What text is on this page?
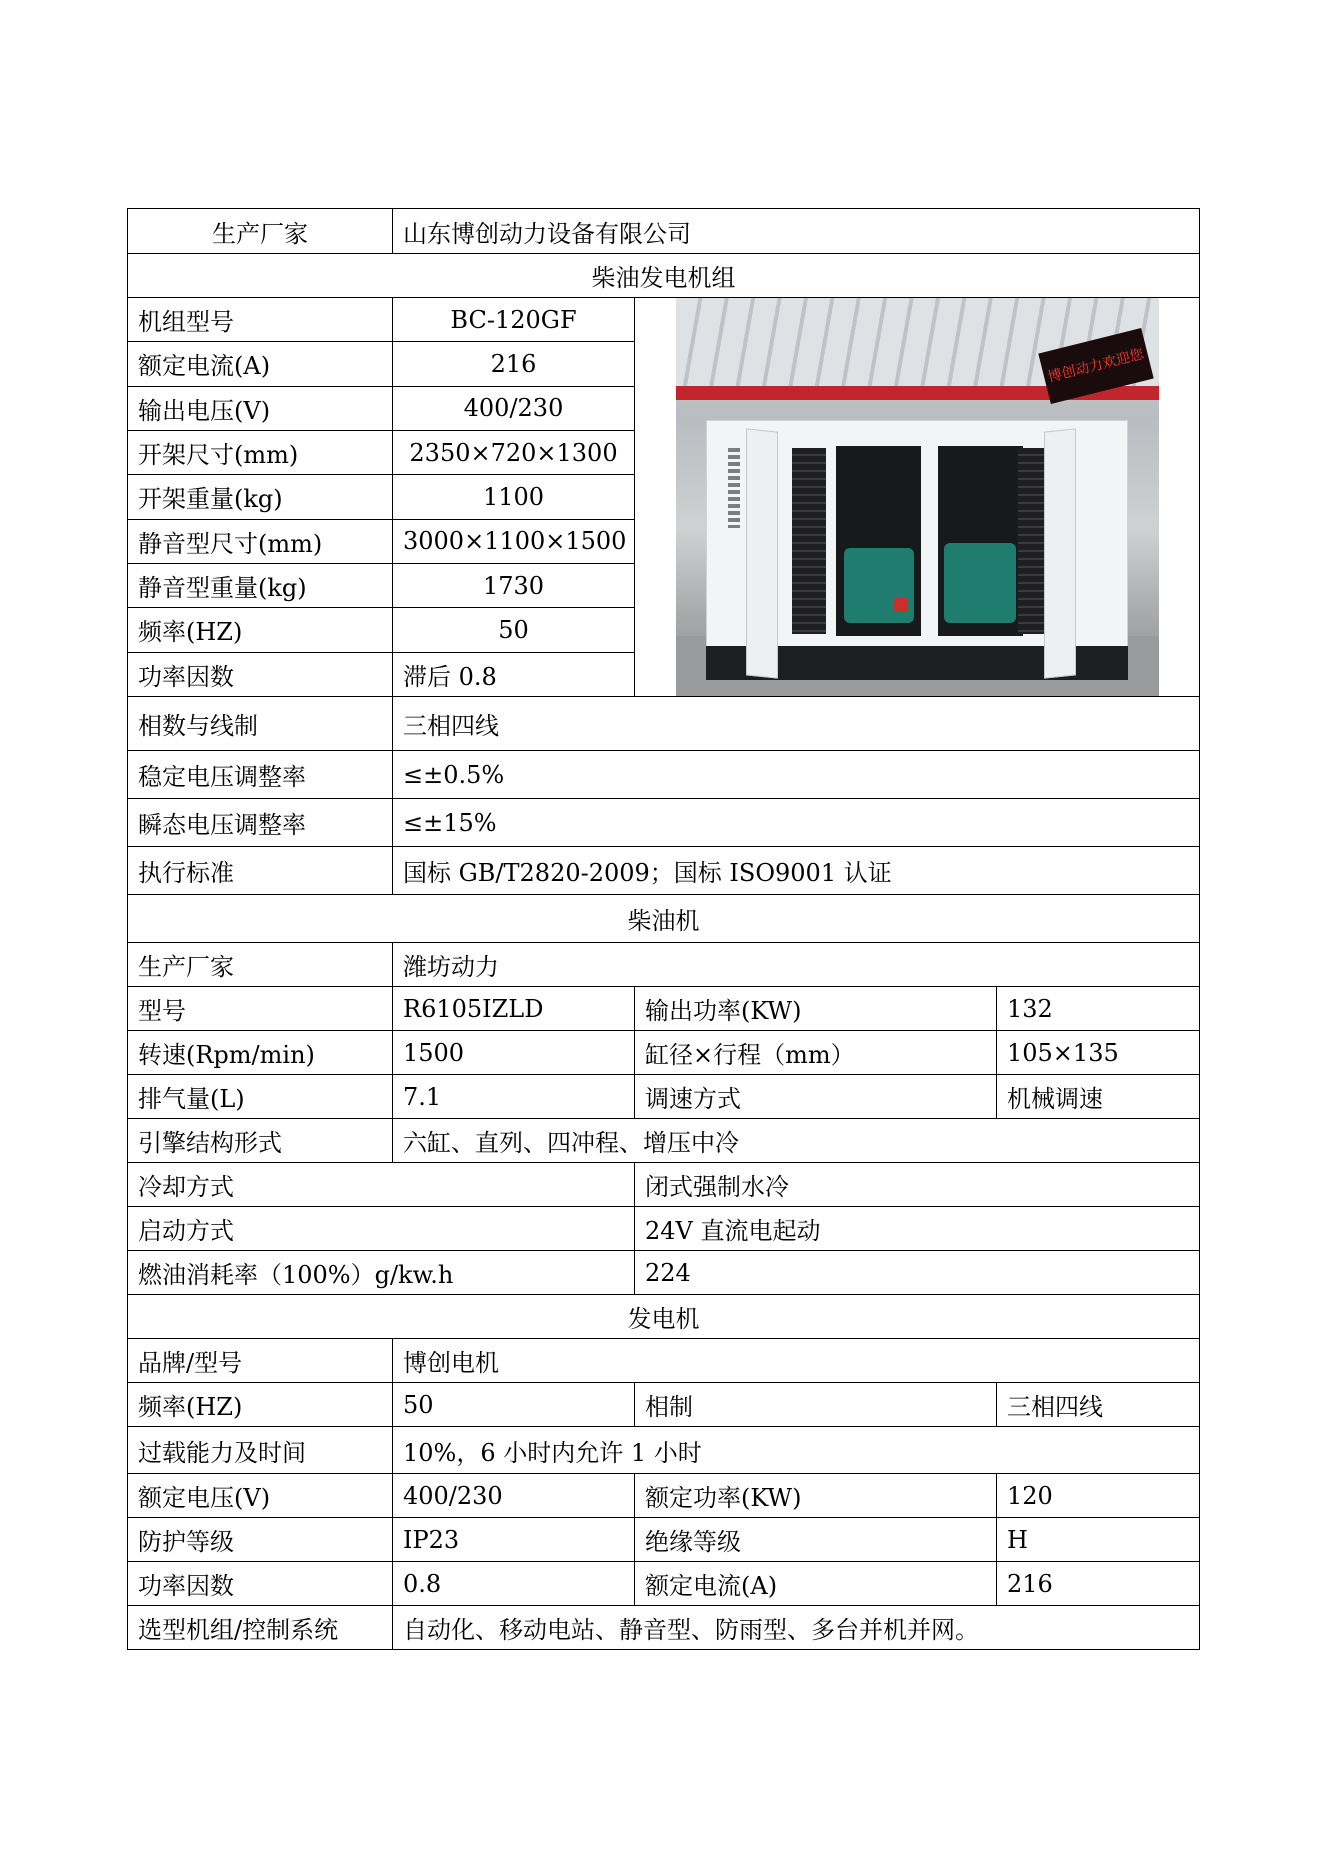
生产厂家	山东博创动力设备有限公司		
柴油发电机组			
机组型号	BC-120GF	博创动力欢迎您	

额定电流(A)	216		
输出电压(V)	400/230		
开架尺寸(mm)	2350×720×1300		
开架重量(kg)	1100		
静音型尺寸(mm)	3000×1100×1500		
静音型重量(kg)	1730		
频率(HZ)	50		
功率因数	滞后 0.8		
相数与线制	三相四线		
稳定电压调整率	≤±0.5%		
瞬态电压调整率	≤±15%		
执行标准	国标 GB/T2820-2009；国标 ISO9001 认证		
柴油机			
生产厂家	潍坊动力		
型号	R6105IZLD	输出功率(KW)	132
转速(Rpm/min)	1500	缸径×行程（mm）	105×135
排气量(L)	7.1	调速方式	机械调速
引擎结构形式	六缸、直列、四冲程、增压中冷		
冷却方式		闭式强制水冷	
启动方式		24V 直流电起动	
燃油消耗率（100%）g/kw.h		224	
发电机			
品牌/型号	博创电机		
频率(HZ)	50	相制	三相四线
过载能力及时间	10%，6 小时内允许 1 小时		
额定电压(V)	400/230	额定功率(KW)	120
防护等级	IP23	绝缘等级	H
功率因数	0.8	额定电流(A)	216
选型机组/控制系统	自动化、移动电站、静音型、防雨型、多台并机并网。		
